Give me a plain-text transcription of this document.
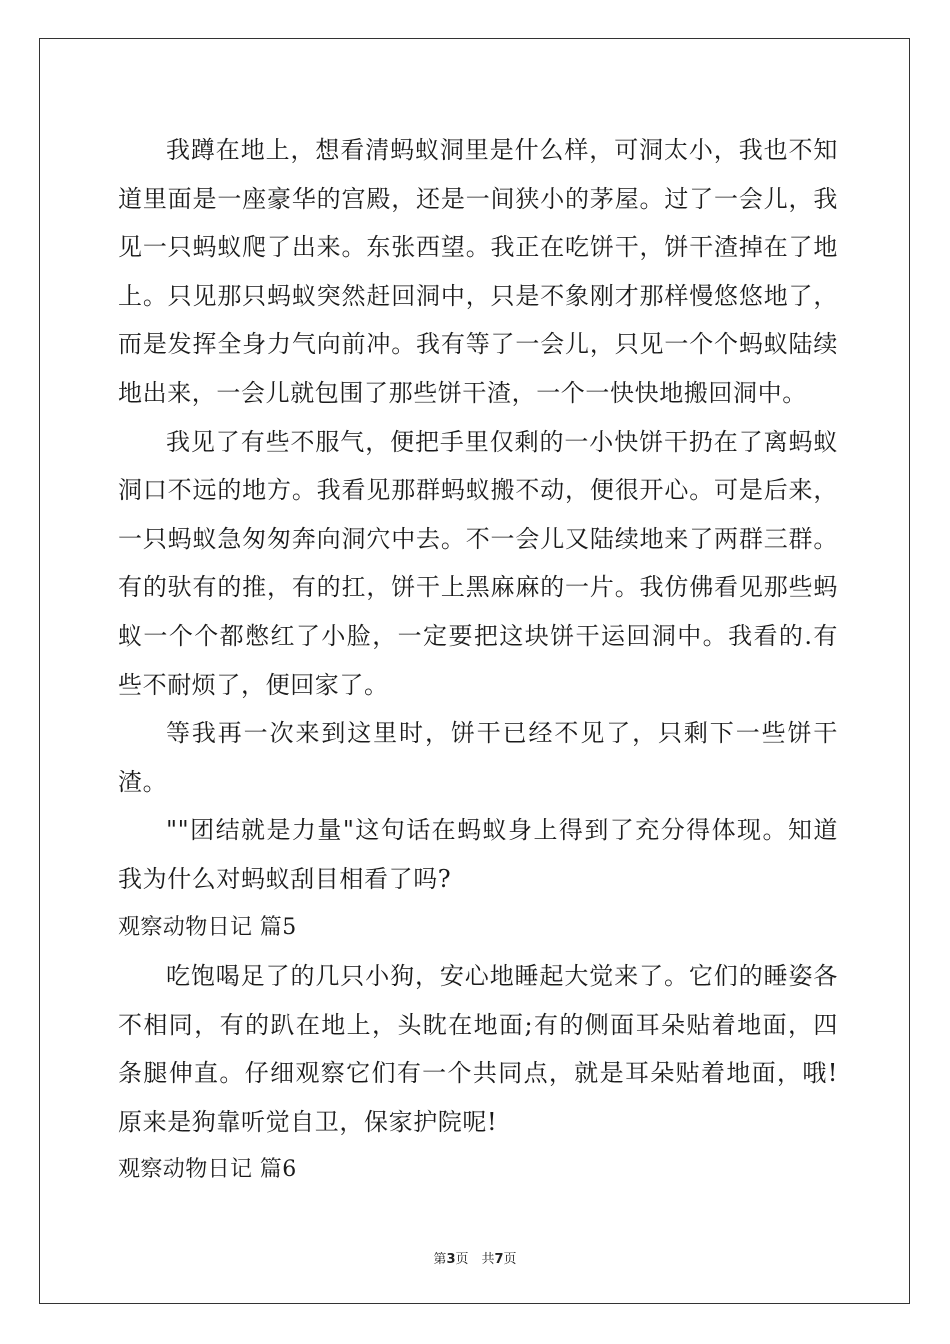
我蹲在地上，想看清蚂蚁洞里是什么样，可洞太小，我也不知道里面是一座豪华的宫殿，还是一间狭小的茅屋。过了一会儿，我见一只蚂蚁爬了出来。东张西望。我正在吃饼干，饼干渣掉在了地上。只见那只蚂蚁突然赶回洞中，只是不象刚才那样慢悠悠地了，而是发挥全身力气向前冲。我有等了一会儿，只见一个个蚂蚁陆续地出来，一会儿就包围了那些饼干渣，一个一快快地搬回洞中。

我见了有些不服气，便把手里仅剩的一小快饼干扔在了离蚂蚁洞口不远的地方。我看见那群蚂蚁搬不动，便很开心。可是后来，一只蚂蚁急匆匆奔向洞穴中去。不一会儿又陆续地来了两群三群。有的驮有的推，有的扛，饼干上黑麻麻的一片。我仿佛看见那些蚂蚁一个个都憋红了小脸，一定要把这块饼干运回洞中。我看的.有些不耐烦了，便回家了。

等我再一次来到这里时，饼干已经不见了，只剩下一些饼干渣。

""团结就是力量"这句话在蚂蚁身上得到了充分得体现。知道我为什么对蚂蚁刮目相看了吗?

观察动物日记 篇5

吃饱喝足了的几只小狗，安心地睡起大觉来了。它们的睡姿各不相同，有的趴在地上，头眈在地面;有的侧面耳朵贴着地面，四条腿伸直。仔细观察它们有一个共同点，就是耳朵贴着地面，哦!原来是狗靠听觉自卫，保家护院呢!

观察动物日记 篇6

第3页　共7页
